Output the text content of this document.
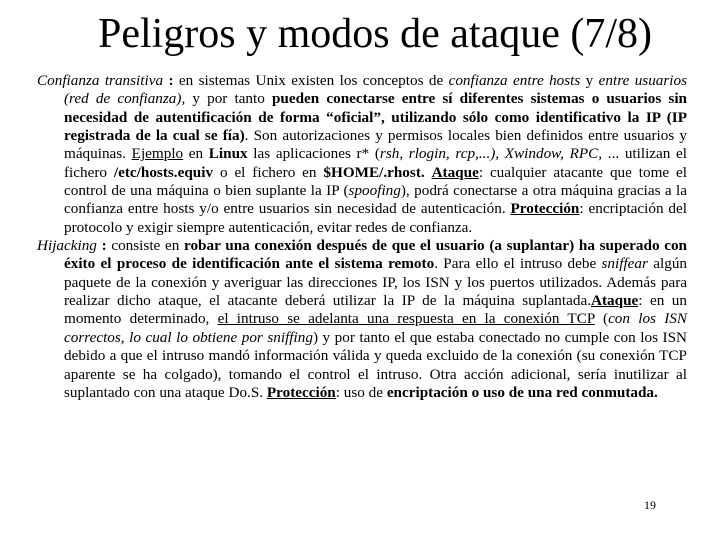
Peligros y modos de ataque (7/8)

Confianza transitiva : en sistemas Unix existen los conceptos de confianza entre hosts y entre usuarios (red de confianza), y por tanto pueden conectarse entre sí diferentes sistemas o usuarios sin necesidad de autentificación de forma “oficial”, utilizando sólo como identificativo la IP (IP registrada de la cual se fía). Son autorizaciones y permisos locales bien definidos entre usuarios y máquinas. Ejemplo en Linux las aplicaciones r* (rsh, rlogin, rcp,...), Xwindow, RPC, ... utilizan el fichero /etc/hosts.equiv o el fichero en $HOME/.rhost. Ataque: cualquier atacante que tome el control de una máquina o bien suplante la IP (spoofing), podrá conectarse a otra máquina gracias a la confianza entre hosts y/o entre usuarios sin necesidad de autenticación. Protección: encriptación del protocolo y exigir siempre autenticación, evitar redes de confianza.

Hijacking : consiste en robar una conexión después de que el usuario (a suplantar) ha superado con éxito el proceso de identificación ante el sistema remoto. Para ello el intruso debe sniffear algún paquete de la conexión y averiguar las direcciones IP, los ISN y los puertos utilizados. Además para realizar dicho ataque, el atacante deberá utilizar la IP de la máquina suplantada.Ataque: en un momento determinado, el intruso se adelanta una respuesta en la conexión TCP (con los ISN correctos, lo cual lo obtiene por sniffing) y por tanto el que estaba conectado no cumple con los ISN debido a que el intruso mandó información válida y queda excluido de la conexión (su conexión TCP aparente se ha colgado), tomando el control el intruso. Otra acción adicional, sería inutilizar al suplantado con una ataque Do.S. Protección: uso de encriptación o uso de una red conmutada.

19
